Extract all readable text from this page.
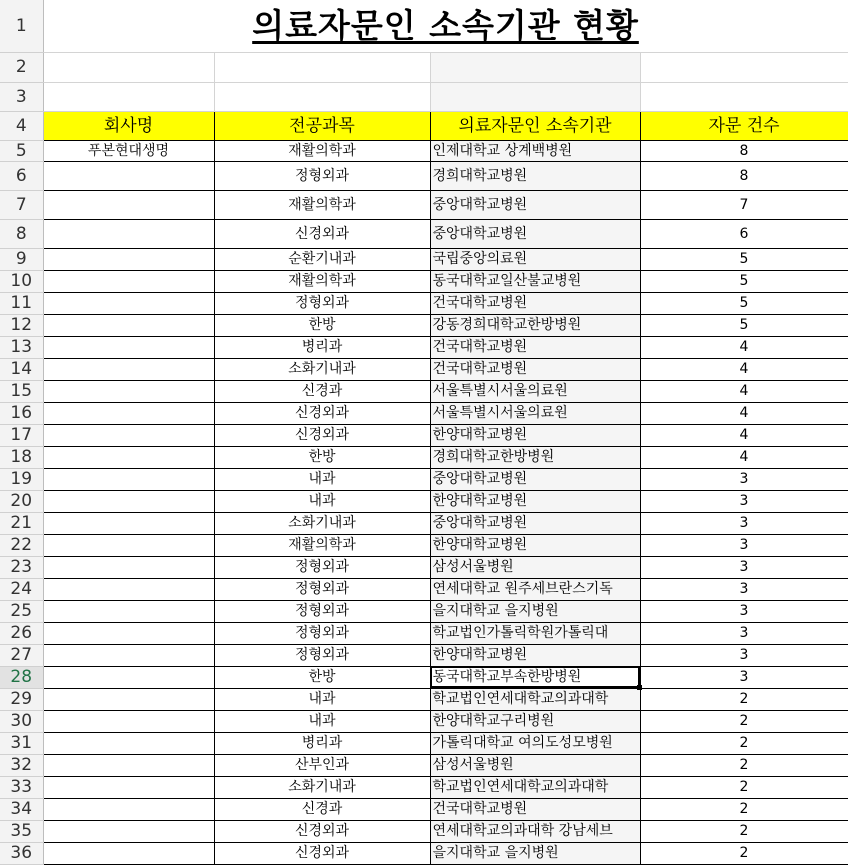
1	의료자문인 소속기관 현황			
2				
3				
4	회사명	전공과목	의료자문인 소속기관	자문 건수
5	푸본현대생명	재활의학과	인제대학교 상계백병원	8
6		정형외과	경희대학교병원	8
7		재활의학과	중앙대학교병원	7
8		신경외과	중앙대학교병원	6
9		순환기내과	국립중앙의료원	5
10		재활의학과	동국대학교일산불교병원	5
11		정형외과	건국대학교병원	5
12		한방	강동경희대학교한방병원	5
13		병리과	건국대학교병원	4
14		소화기내과	건국대학교병원	4
15		신경과	서울특별시서울의료원	4
16		신경외과	서울특별시서울의료원	4
17		신경외과	한양대학교병원	4
18		한방	경희대학교한방병원	4
19		내과	중앙대학교병원	3
20		내과	한양대학교병원	3
21		소화기내과	중앙대학교병원	3
22		재활의학과	한양대학교병원	3
23		정형외과	삼성서울병원	3
24		정형외과	연세대학교 원주세브란스기독	3
25		정형외과	을지대학교 을지병원	3
26		정형외과	학교법인가톨릭학원가톨릭대	3
27		정형외과	한양대학교병원	3
28		한방	동국대학교부속한방병원	3
29		내과	학교법인연세대학교의과대학	2
30		내과	한양대학교구리병원	2
31		병리과	가톨릭대학교 여의도성모병원	2
32		산부인과	삼성서울병원	2
33		소화기내과	학교법인연세대학교의과대학	2
34		신경과	건국대학교병원	2
35		신경외과	연세대학교의과대학 강남세브	2
36		신경외과	을지대학교 을지병원	2
